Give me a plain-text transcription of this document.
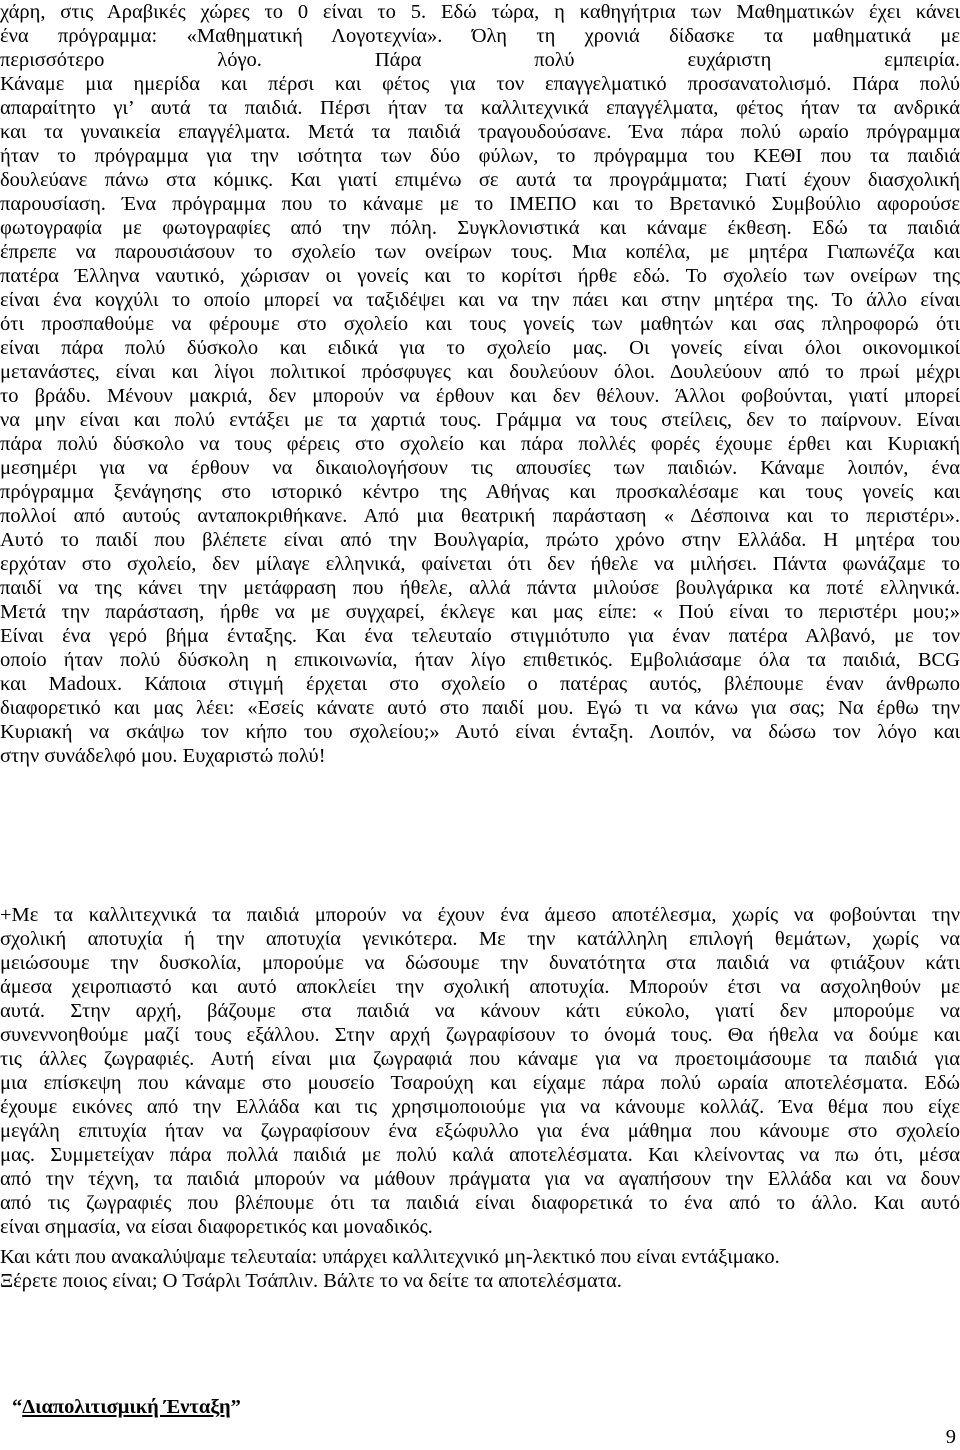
χάρη, στις Αραβικές χώρες το 0 είναι το 5. Εδώ τώρα, η καθηγήτρια των Μαθηματικών έχει κάνει
ένα πρόγραμμα: «Μαθηματική Λογοτεχνία». Όλη τη χρονιά δίδασκε τα μαθηματικά με
περισσότερο λόγο. Πάρα πολύ ευχάριστη εμπειρία.
Κάναμε μια ημερίδα και πέρσι και φέτος για τον επαγγελματικό προσανατολισμό. Πάρα πολύ
απαραίτητο γι’ αυτά τα παιδιά. Πέρσι ήταν τα καλλιτεχνικά επαγγέλματα, φέτος ήταν τα ανδρικά
και τα γυναικεία επαγγέλματα. Μετά τα παιδιά τραγουδούσανε. Ένα πάρα πολύ ωραίο πρόγραμμα
ήταν το πρόγραμμα για την ισότητα των δύο φύλων, το πρόγραμμα του ΚΕΘΙ που τα παιδιά
δουλεύανε πάνω στα κόμικς. Και γιατί επιμένω σε αυτά τα προγράμματα; Γιατί έχουν διασχολική
παρουσίαση. Ένα πρόγραμμα που το κάναμε με το ΙΜΕΠΟ και το Βρετανικό Συμβούλιο αφορούσε
φωτογραφία με φωτογραφίες από την πόλη. Συγκλονιστικά και κάναμε έκθεση. Εδώ τα παιδιά
έπρεπε να παρουσιάσουν το σχολείο των ονείρων τους. Μια κοπέλα, με μητέρα Γιαπωνέζα και
πατέρα Έλληνα ναυτικό, χώρισαν οι γονείς και το κορίτσι ήρθε εδώ. Το σχολείο των ονείρων της
είναι ένα κογχύλι το οποίο μπορεί να ταξιδέψει και να την πάει και στην μητέρα της. Το άλλο είναι
ότι προσπαθούμε να φέρουμε στο σχολείο και τους γονείς των μαθητών και σας πληροφορώ ότι
είναι πάρα πολύ δύσκολο και ειδικά για το σχολείο μας. Οι γονείς είναι όλοι οικονομικοί
μετανάστες, είναι και λίγοι πολιτικοί πρόσφυγες και δουλεύουν όλοι. Δουλεύουν από το πρωί μέχρι
το βράδυ. Μένουν μακριά, δεν μπορούν να έρθουν και δεν θέλουν. Άλλοι φοβούνται, γιατί μπορεί
να μην είναι και πολύ εντάξει με τα χαρτιά τους. Γράμμα να τους στείλεις, δεν το παίρνουν. Είναι
πάρα πολύ δύσκολο να τους φέρεις στο σχολείο και πάρα πολλές φορές έχουμε έρθει και Κυριακή
μεσημέρι για να έρθουν να δικαιολογήσουν τις απουσίες των παιδιών. Κάναμε λοιπόν, ένα
πρόγραμμα ξενάγησης στο ιστορικό κέντρο της Αθήνας και προσκαλέσαμε και τους γονείς και
πολλοί από αυτούς ανταποκριθήκανε. Από μια θεατρική παράσταση « Δέσποινα και το περιστέρι».
Αυτό το παιδί που βλέπετε είναι από την Βουλγαρία, πρώτο χρόνο στην Ελλάδα. Η μητέρα του
ερχόταν στο σχολείο, δεν μίλαγε ελληνικά, φαίνεται ότι δεν ήθελε να μιλήσει. Πάντα φωνάζαμε το
παιδί να της κάνει την μετάφραση που ήθελε, αλλά πάντα μιλούσε βουλγάρικα κα ποτέ ελληνικά.
Μετά την παράσταση, ήρθε να με συγχαρεί, έκλεγε και μας είπε: « Πού είναι το περιστέρι μου;»
Είναι ένα γερό βήμα ένταξης. Και ένα τελευταίο στιγμιότυπο για έναν πατέρα Αλβανό, με τον
οποίο ήταν πολύ δύσκολη η επικοινωνία, ήταν λίγο επιθετικός. Εμβολιάσαμε όλα τα παιδιά, BCG
και Madoux. Κάποια στιγμή έρχεται στο σχολείο ο πατέρας αυτός, βλέπουμε έναν άνθρωπο
διαφορετικό και μας λέει: «Εσείς κάνατε αυτό στο παιδί μου. Εγώ τι να κάνω για σας; Να έρθω την
Κυριακή να σκάψω τον κήπο του σχολείου;» Αυτό είναι ένταξη. Λοιπόν, να δώσω τον λόγο και
στην συνάδελφό μου. Ευχαριστώ πολύ!
+Με τα καλλιτεχνικά τα παιδιά μπορούν να έχουν ένα άμεσο αποτέλεσμα, χωρίς να φοβούνται την
σχολική αποτυχία ή την αποτυχία γενικότερα. Με την κατάλληλη επιλογή θεμάτων, χωρίς να
μειώσουμε την δυσκολία, μπορούμε να δώσουμε την δυνατότητα στα παιδιά να φτιάξουν κάτι
άμεσα χειροπιαστό και αυτό αποκλείει την σχολική αποτυχία. Μπορούν έτσι να ασχοληθούν με
αυτά. Στην αρχή, βάζουμε στα παιδιά να κάνουν κάτι εύκολο, γιατί δεν μπορούμε να
συνεννοηθούμε μαζί τους εξάλλου. Στην αρχή ζωγραφίσουν το όνομά τους. Θα ήθελα να δούμε και
τις άλλες ζωγραφιές. Αυτή είναι μια ζωγραφιά που κάναμε για να προετοιμάσουμε τα παιδιά για
μια επίσκεψη που κάναμε στο μουσείο Τσαρούχη και είχαμε πάρα πολύ ωραία αποτελέσματα. Εδώ
έχουμε εικόνες από την Ελλάδα και τις χρησιμοποιούμε για να κάνουμε κολλάζ. Ένα θέμα που είχε
μεγάλη επιτυχία ήταν να ζωγραφίσουν ένα εξώφυλλο για ένα μάθημα που κάνουμε στο σχολείο
μας. Συμμετείχαν πάρα πολλά παιδιά με πολύ καλά αποτελέσματα. Και κλείνοντας να πω ότι, μέσα
από την τέχνη, τα παιδιά μπορούν να μάθουν πράγματα για να αγαπήσουν την Ελλάδα και να δουν
από τις ζωγραφιές που βλέπουμε ότι τα παιδιά είναι διαφορετικά το ένα από το άλλο. Και αυτό
είναι σημασία, να είσαι διαφορετικός και μοναδικός.
Και κάτι που ανακαλύψαμε τελευταία: υπάρχει καλλιτεχνικό μη-λεκτικό που είναι εντάξιμακο.
Ξέρετε ποιος είναι; Ο Τσάρλι Τσάπλιν. Βάλτε το να δείτε τα αποτελέσματα.
“Διαπολιτισμική Ένταξη”
9
